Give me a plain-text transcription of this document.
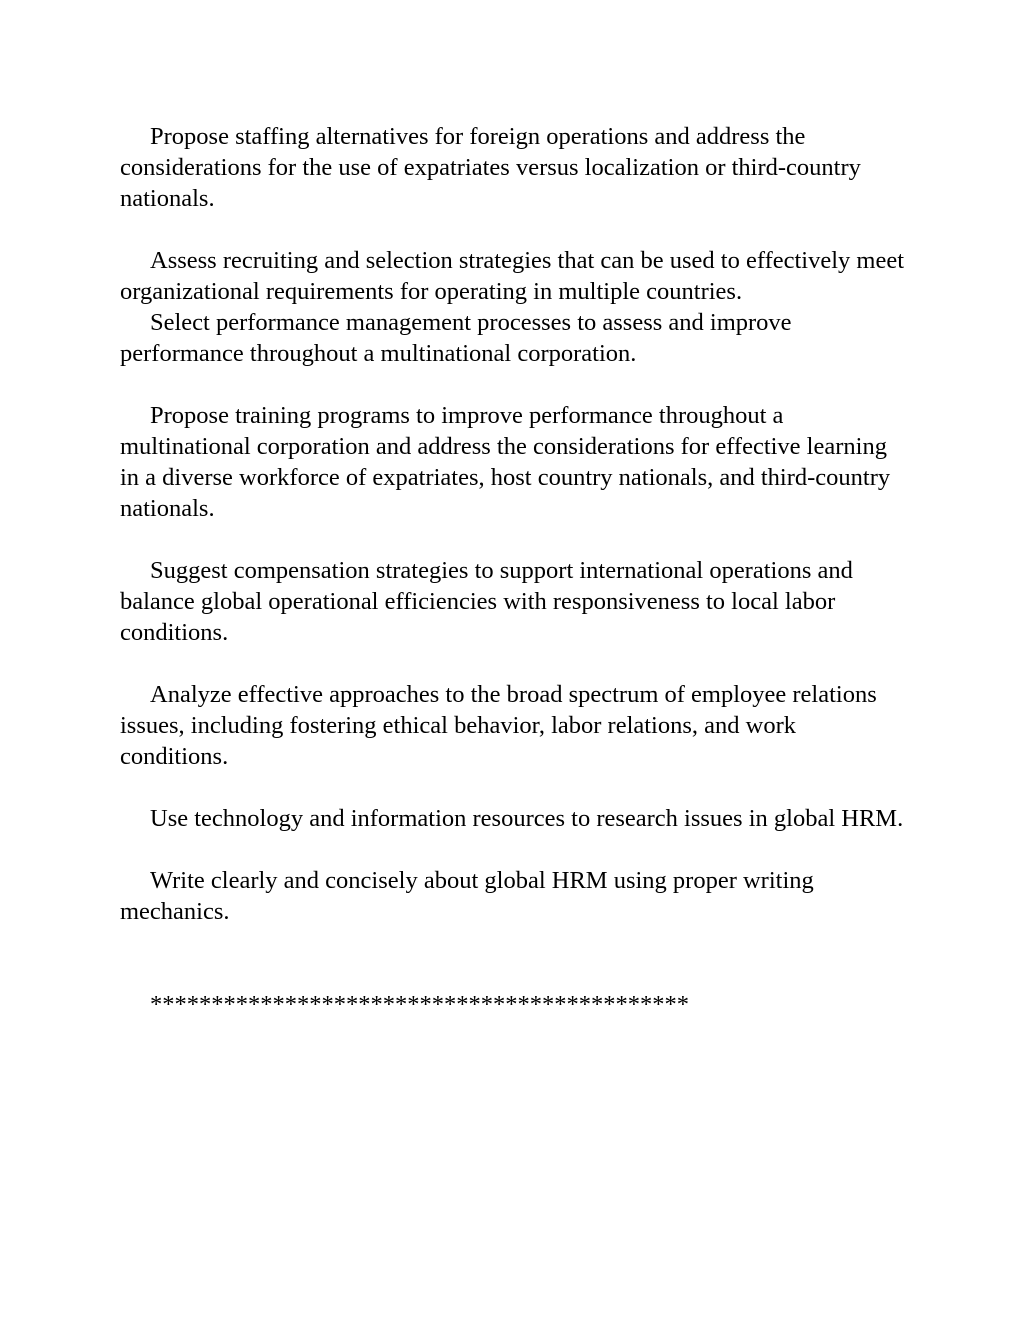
Propose staffing alternatives for foreign operations and address the considerations for the use of expatriates versus localization or third-country nationals.

Assess recruiting and selection strategies that can be used to effectively meet organizational requirements for operating in multiple countries.

Select performance management processes to assess and improve performance throughout a multinational corporation.

Propose training programs to improve performance throughout a multinational corporation and address the considerations for effective learning in a diverse workforce of expatriates, host country nationals, and third-country nationals.

Suggest compensation strategies to support international operations and balance global operational efficiencies with responsiveness to local labor conditions.

Analyze effective approaches to the broad spectrum of employee relations issues, including fostering ethical behavior, labor relations, and work conditions.

Use technology and information resources to research issues in global HRM.

Write clearly and concisely about global HRM using proper writing mechanics.

********************************************
